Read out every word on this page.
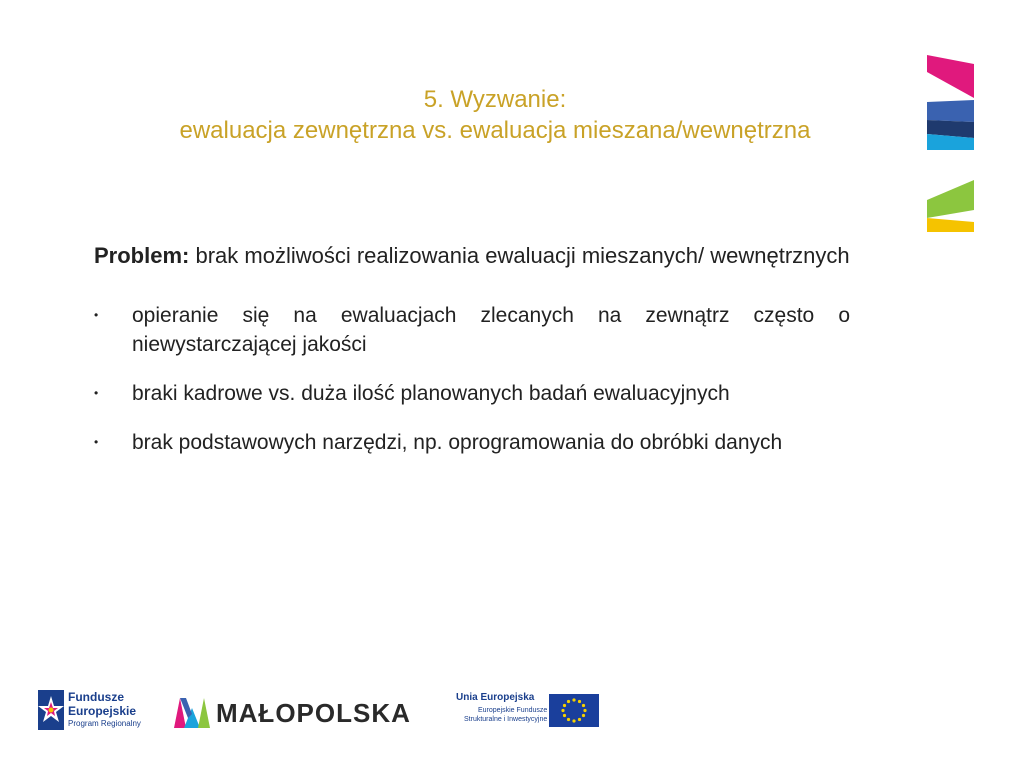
5. Wyzwanie:
ewaluacja zewnętrzna vs. ewaluacja mieszana/wewnętrzna
Problem: brak możliwości realizowania ewaluacji mieszanych/ wewnętrznych
•	opieranie się na ewaluacjach zlecanych na zewnątrz często o niewystarczającej jakości
•	braki kadrowe vs. duża ilość planowanych badań ewaluacyjnych
•	brak podstawowych narzędzi, np. oprogramowania do obróbki danych
Fundusze
Europejskie
Program Regionalny	MAŁOPOLSKA
Unia Europejska
Europejskie Fundusze
Strukturalne i Inwestycyjne
